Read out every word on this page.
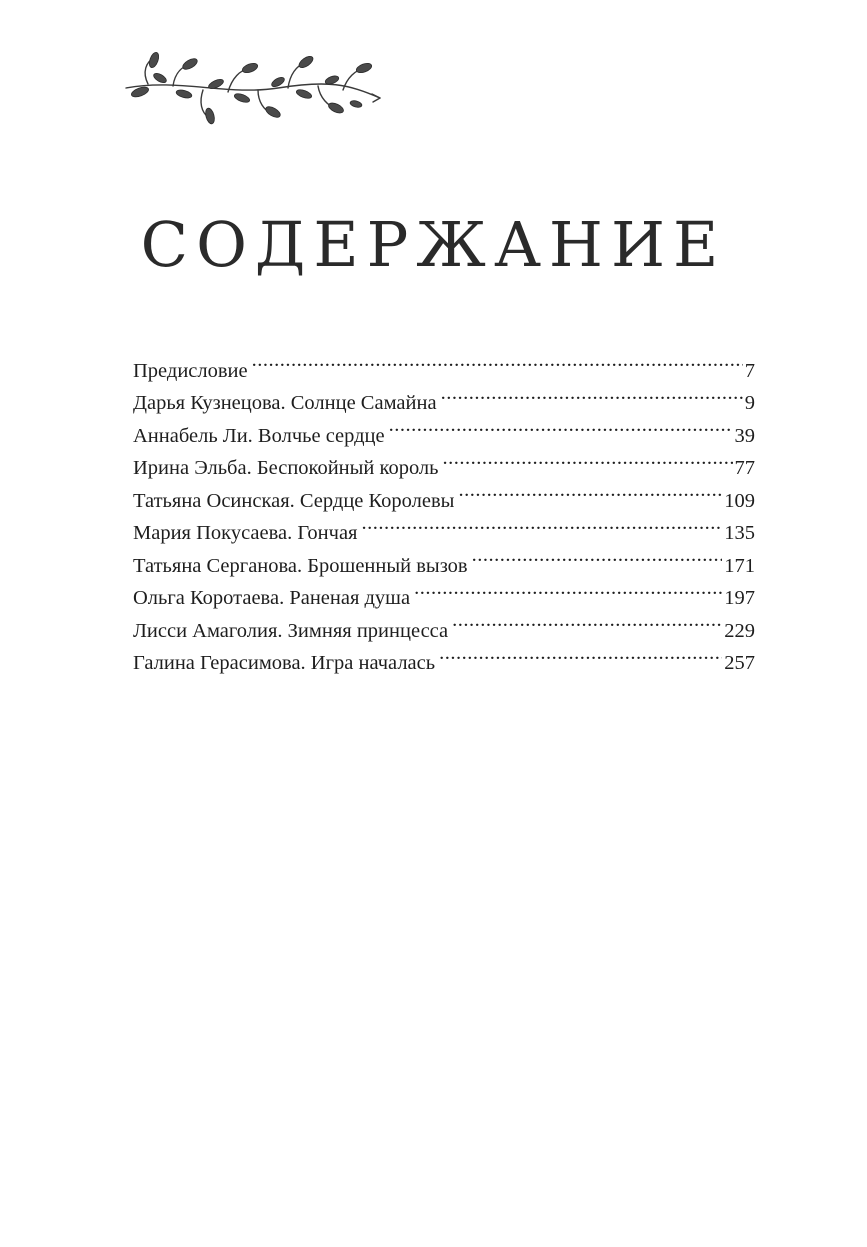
СОДЕРЖАНИЕ
Предисловие .....	7
Дарья Кузнецова. Солнце Самайна .....	9
Аннабель Ли. Волчье сердце .....	39
Ирина Эльба. Беспокойный король .....	77
Татьяна Осинская. Сердце Королевы .....	109
Мария Покусаева. Гончая .....	135
Татьяна Серганова. Брошенный вызов .....	171
Ольга Коротаева. Раненая душа .....	197
Лисси Амаголия. Зимняя принцесса .....	229
Галина Герасимова. Игра началась .....	257
